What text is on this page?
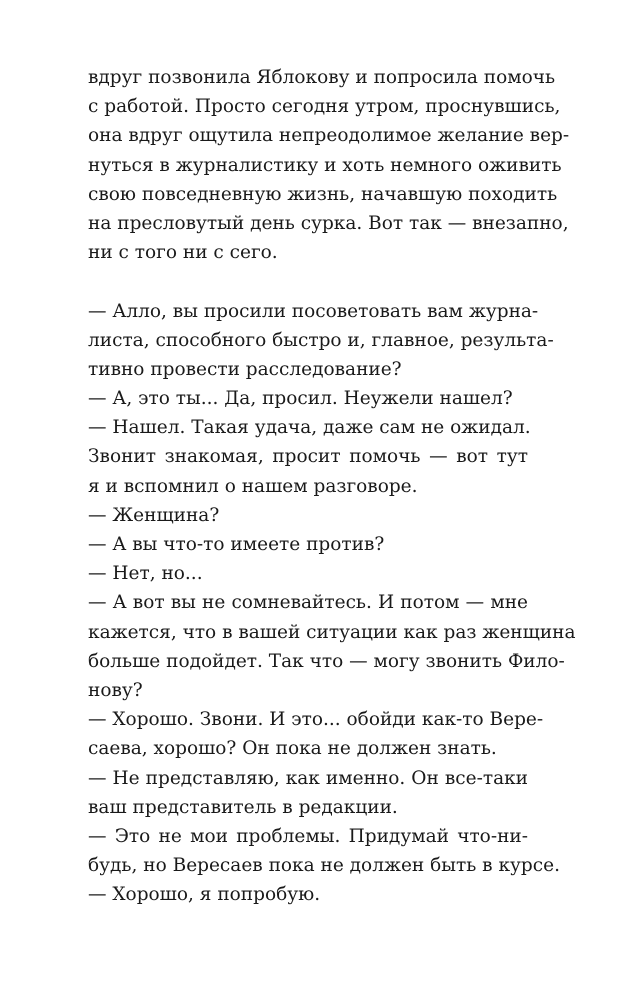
вдруг позвонила Яблокову и попросила помочь
с работой. Просто сегодня утром, проснувшись,
она вдруг ощутила непреодолимое желание вер-
нуться в журналистику и хоть немного оживить
свою повседневную жизнь, начавшую походить
на пресловутый день сурка. Вот так — внезапно,
ни с того ни с сего.
— Алло, вы просили посоветовать вам журна-
листа, способного быстро и, главное, результа-
тивно провести расследование?
— А, это ты... Да, просил. Неужели нашел?
— Нашел. Такая удача, даже сам не ожидал.
Звонит знакомая, просит помочь — вот тут
я и вспомнил о нашем разговоре.
— Женщина?
— А вы что-то имеете против?
— Нет, но...
— А вот вы не сомневайтесь. И потом — мне
кажется, что в вашей ситуации как раз женщина
больше подойдет. Так что — могу звонить Фило-
нову?
— Хорошо. Звони. И это... обойди как-то Вере-
саева, хорошо? Он пока не должен знать.
— Не представляю, как именно. Он все-таки
ваш представитель в редакции.
— Это не мои проблемы. Придумай что-ни-
будь, но Вересаев пока не должен быть в курсе.
— Хорошо, я попробую.
